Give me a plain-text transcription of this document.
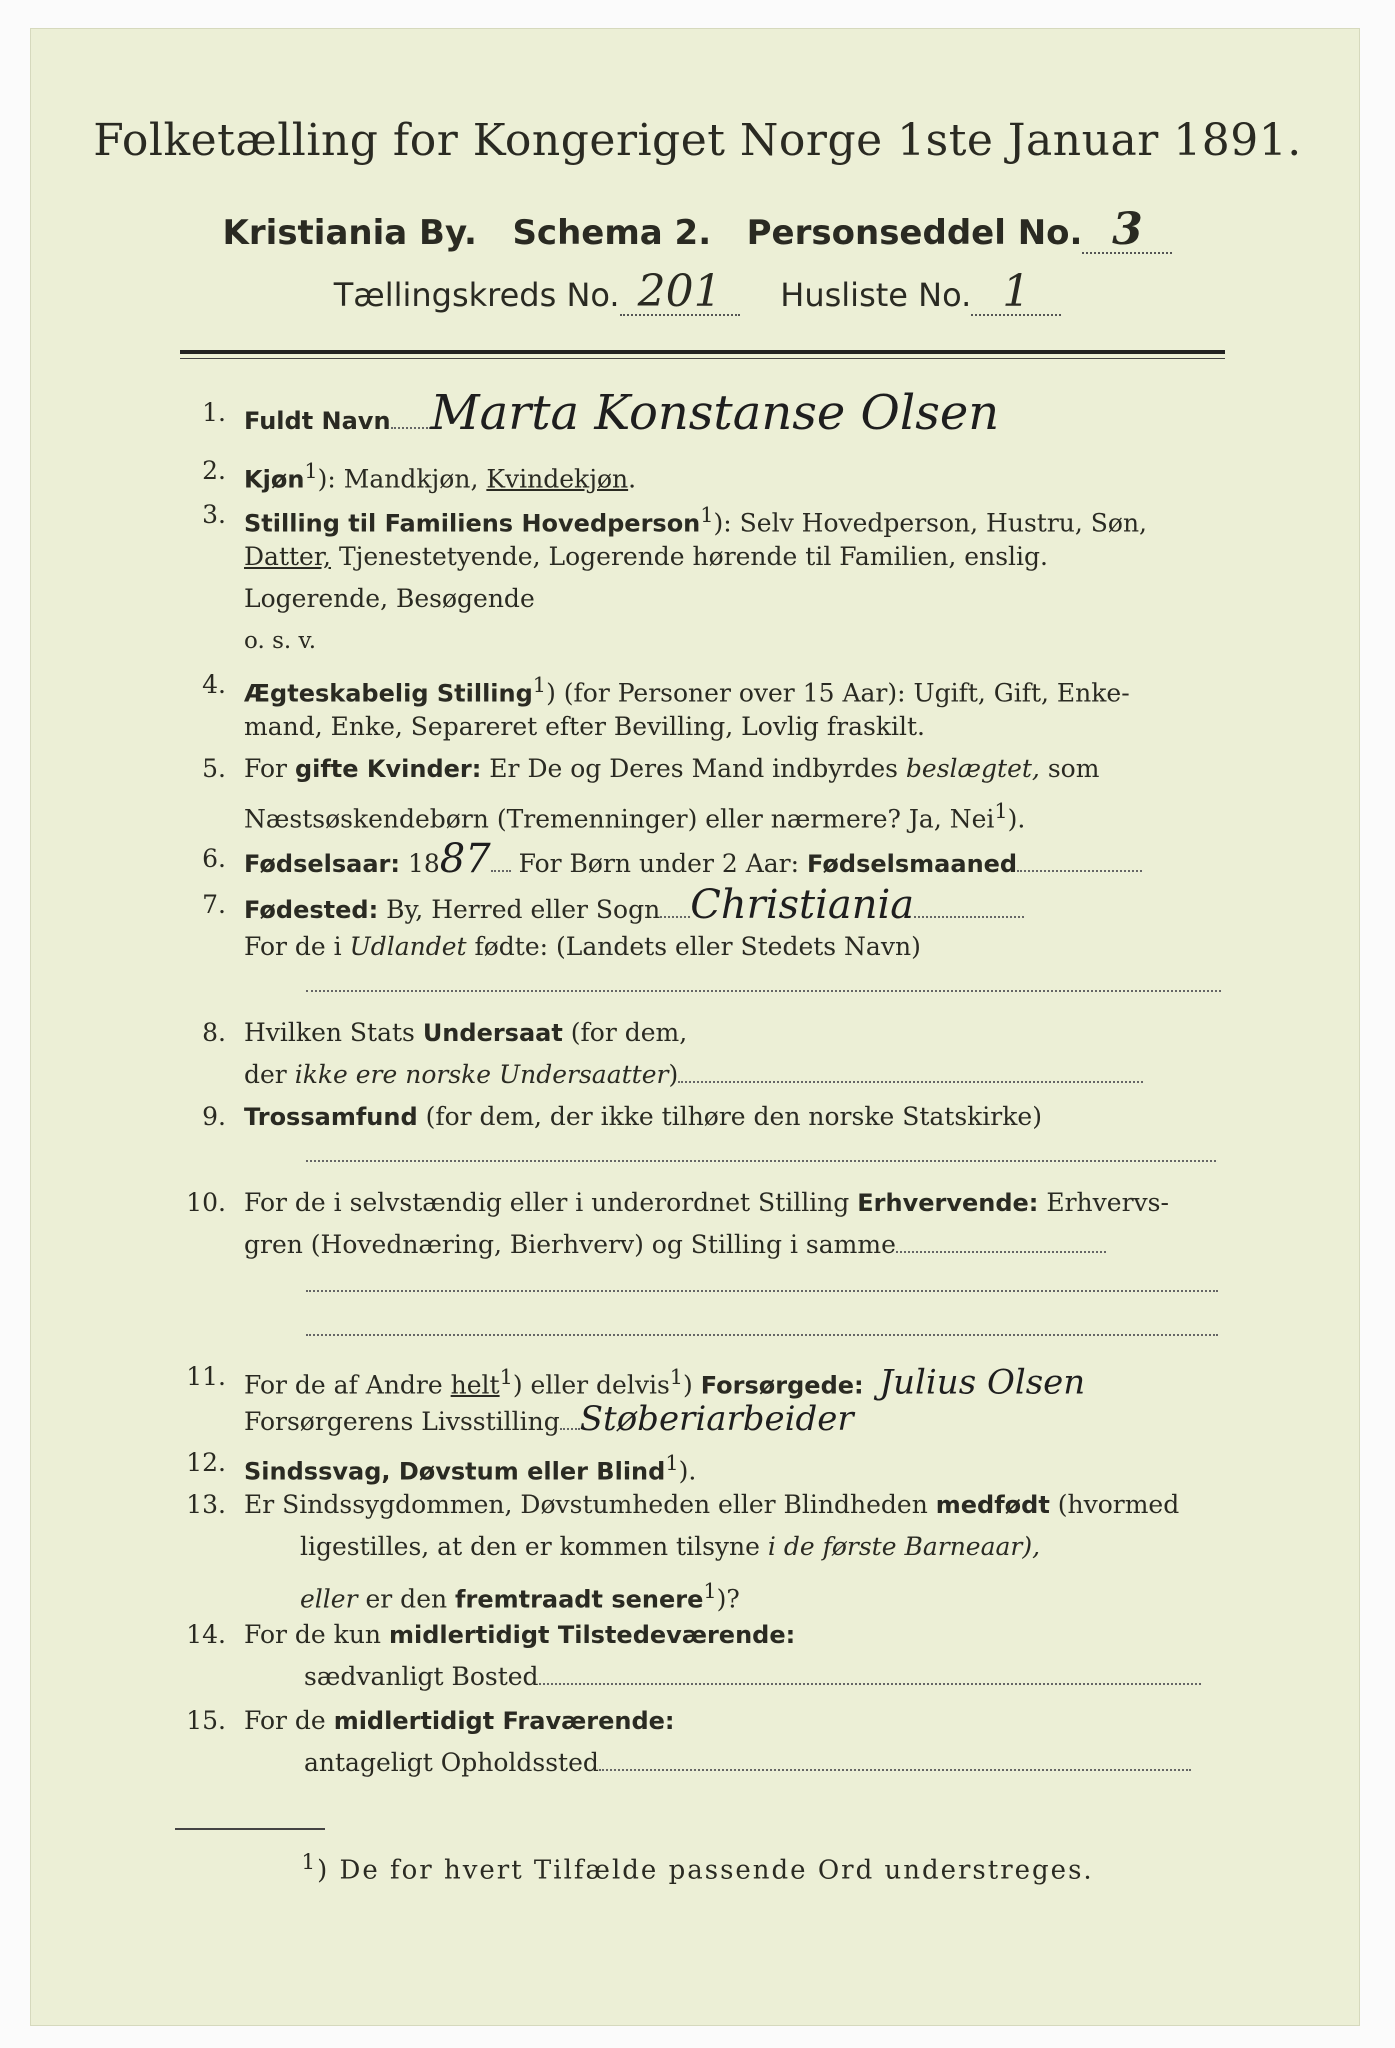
Folketælling for Kongeriget Norge 1ste Januar 1891.
Kristiania By. Schema 2. Personseddel No. 3
Tællingskreds No. 201 Husliste No. 1
1. Fuldt Navn Marta Konstanse Olsen
2. Kjøn$^1$): Mandkjøn, Kvindekjøn.
3. Stilling til Familiens Hovedperson$^1$): Selv Hovedperson, Hustru, Søn,
Datter, Tjenestetyende, Logerende hørende til Familien, enslig.
Logerende, Besøgende
o. s. v.
4. Ægteskabelig Stilling$^1$) (for Personer over 15 Aar): Ugift, Gift, Enke-
mand, Enke, Separeret efter Bevilling, Lovlig fraskilt.
5. For gifte Kvinder: Er De og Deres Mand indbyrdes beslægtet, som
Næstsøskendebørn (Tremenninger) eller nærmere? Ja, Nei$^1$).
6. Fødselsaar: 1887 For Børn under 2 Aar: Fødselsmaaned
7. Fødested: By, Herred eller Sogn Christiania
For de i Udlandet fødte: (Landets eller Stedets Navn)
8. Hvilken Stats Undersaat (for dem,
der ikke ere norske Undersaatter)
9. Trossamfund (for dem, der ikke tilhøre den norske Statskirke)
10. For de i selvstændig eller i underordnet Stilling Erhvervende: Erhvervs-
gren (Hovednæring, Bierhverv) og Stilling i samme
11. For de af Andre helt$^1$) eller delvis$^1$) Forsørgede: Julius Olsen
Forsørgerens Livsstilling Støberiarbeider
12. Sindssvag, Døvstum eller Blind$^1$).
13. Er Sindssygdommen, Døvstumheden eller Blindheden medfødt (hvormed
ligestilles, at den er kommen tilsyne i de første Barneaar),
eller er den fremtraadt senere$^1$)?
14. For de kun midlertidigt Tilstedeværende:
sædvanligt Bosted
15. For de midlertidigt Fraværende:
antageligt Opholdssted
$^1$) De for hvert Tilfælde passende Ord understreges.
